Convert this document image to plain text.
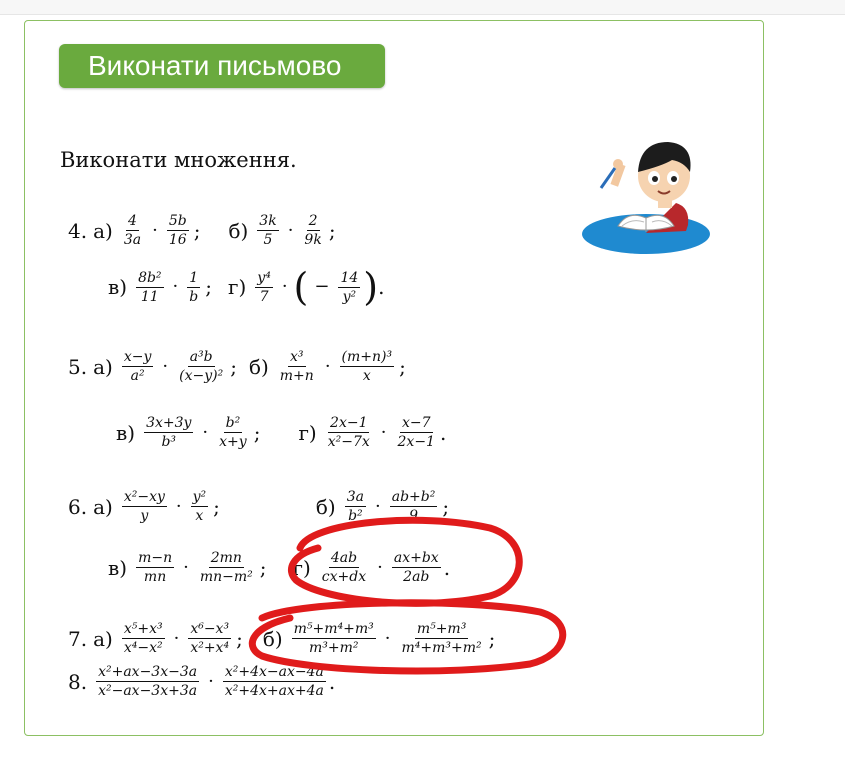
Виконати письмово
Виконати множення.
4. $а) \frac{4}{3a} \cdot \frac{5b}{16}$ ; $б) \frac{3k}{5} \cdot \frac{2}{9k}$ ;
$в) \frac{\text{8b²}}{11} \cdot \frac{1}{b}$ ; $г) \frac{\text{y⁴}}{7}$ · ( − $\frac{14}{\text{y²}}$ ) .
5. $а) \frac{x-y}{\text{a²}} \cdot \frac{\text{a³b}}{\text{(x−y)²}}$ ; $б) \frac{\text{x³}}{m+n} \cdot \frac{\text{(m+n)³}}{x}$ ;
$в) \frac{3x+3y}{\text{b³}} \cdot \frac{\text{b²}}{x+y}$ ; $г) \frac{2x-1}{\text{x²−7x}} \cdot \frac{x-7}{2x-1}$ .
6. $а) \frac{\text{x²−xy}}{y} \cdot \frac{\text{y²}}{x}$ ;	$б) \frac{3a}{\text{b²}} \cdot \frac{\text{ab+b²}}{9}$ ;
$в) \frac{m-n}{mn} \cdot \frac{2mn}{\text{mn−m²}}$ ; $г) \frac{4ab}{cx+dx} \cdot \frac{ax+bx}{2ab}$ .
7. $а) \frac{\text{x⁵+x³}}{\text{x⁴−x²}} \cdot \frac{\text{x⁶−x³}}{\text{x²+x⁴}}$ ; $б) \frac{\text{m⁵+m⁴+m³}}{\text{m³+m²}} \cdot \frac{\text{m⁵+m³}}{\text{m⁴+m³+m²}}$ ;
8. $\frac{\text{x²+ax−3x−3a}}{\text{x²−ax−3x+3a}} \cdot \frac{\text{x²+4x−ax−4a}}{\text{x²+4x+ax+4a}}$ .
